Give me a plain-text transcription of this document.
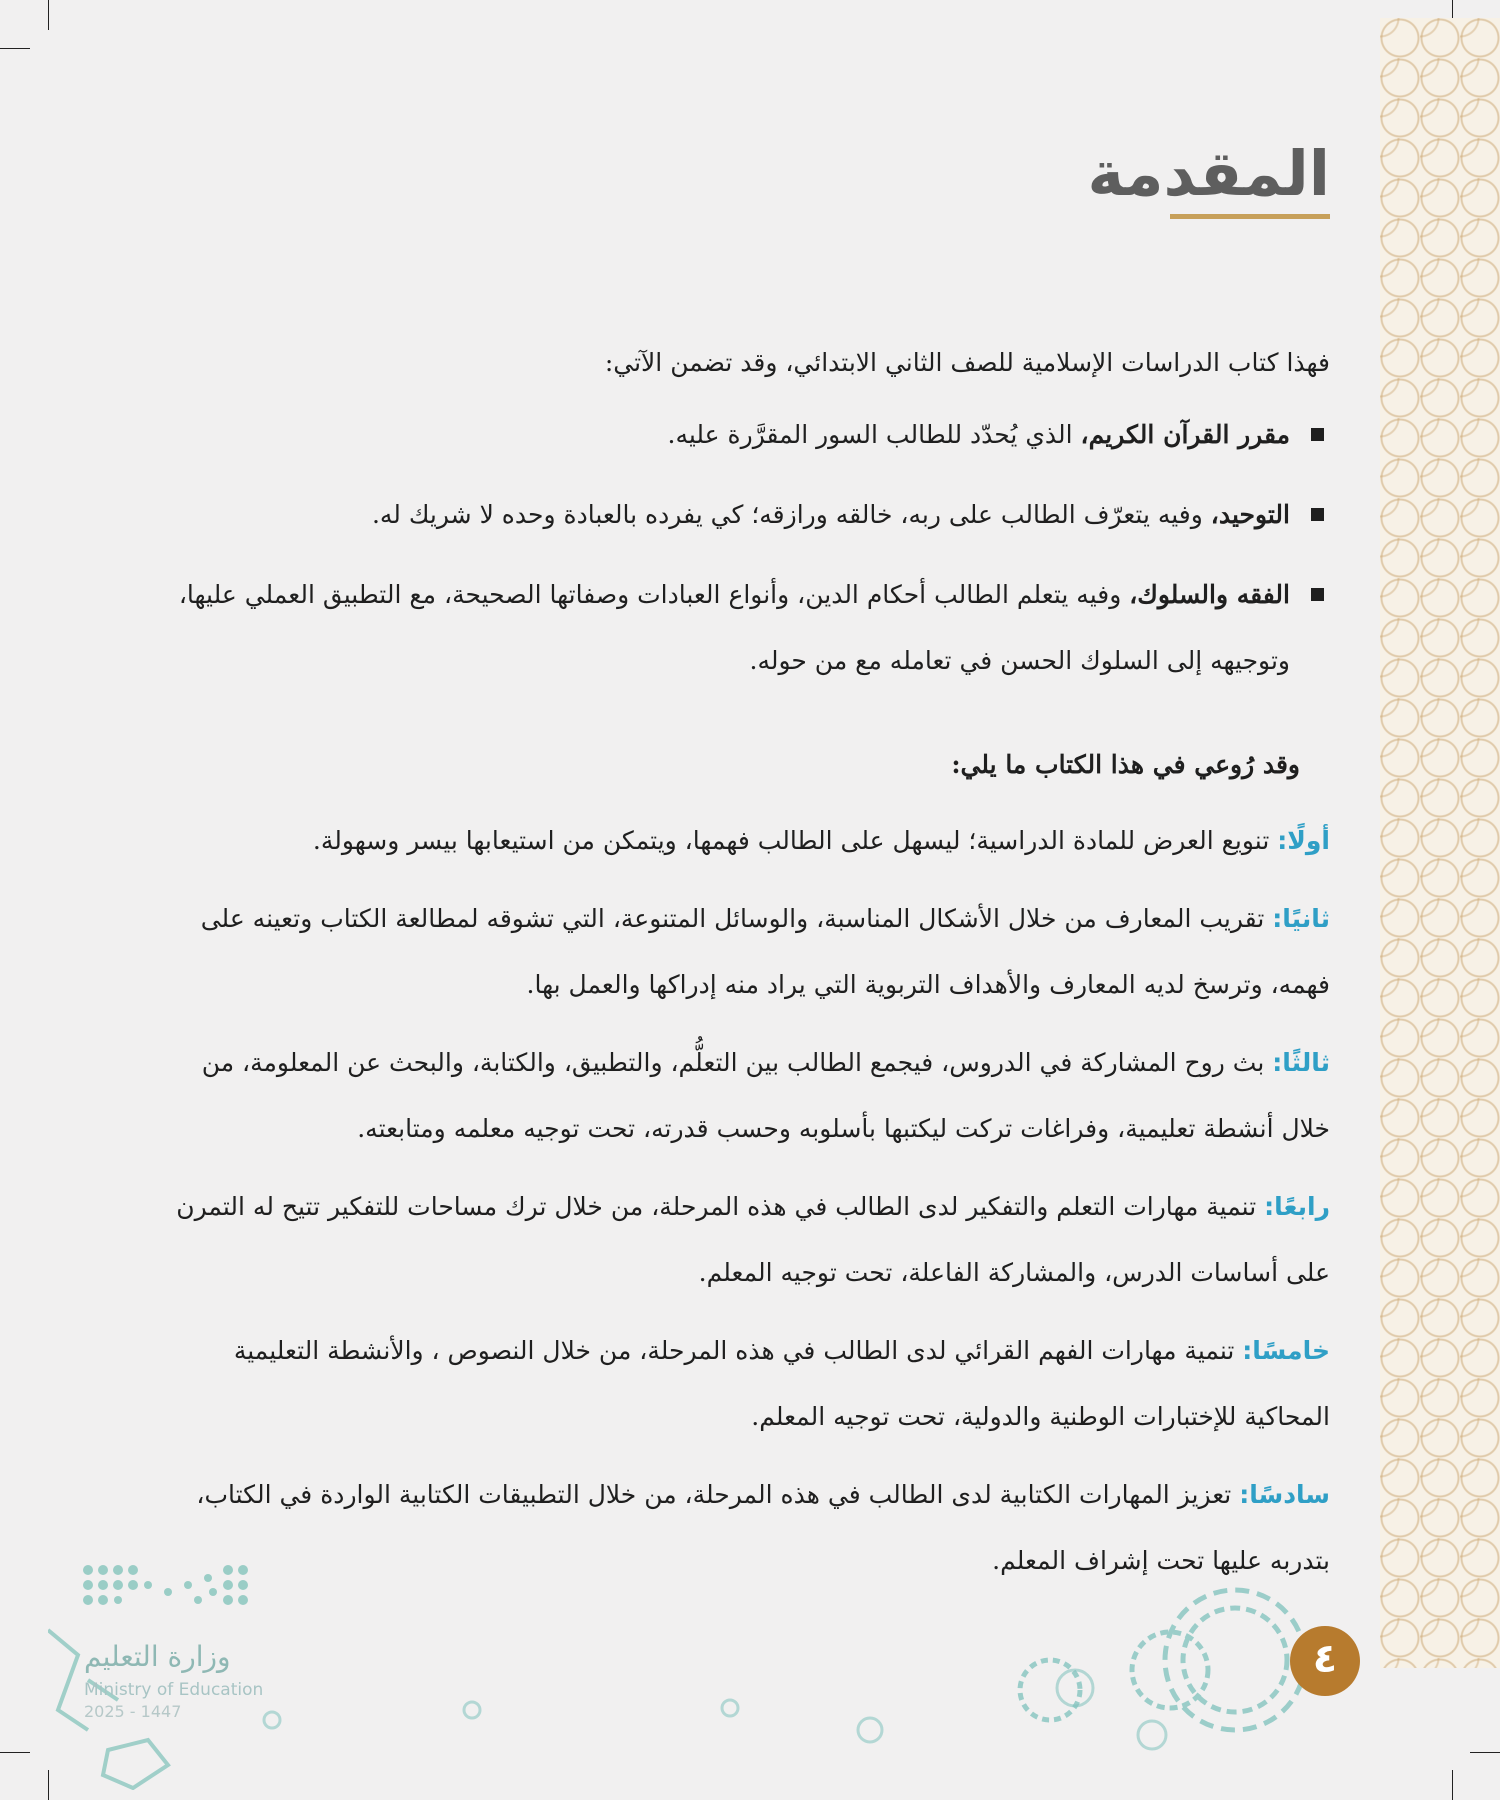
المقدمة

فهذا كتاب الدراسات الإسلامية للصف الثاني الابتدائي، وقد تضمن الآتي:

مقرر القرآن الكريم، الذي يُحدّد للطالب السور المقرَّرة عليه.
التوحيد، وفيه يتعرّف الطالب على ربه، خالقه ورازقه؛ كي يفرده بالعبادة وحده لا شريك له.
الفقه والسلوك، وفيه يتعلم الطالب أحكام الدين، وأنواع العبادات وصفاتها الصحيحة، مع التطبيق العملي عليها، وتوجيهه إلى السلوك الحسن في تعامله مع من حوله.

وقد رُوعي في هذا الكتاب ما يلي:

أولًا: تنويع العرض للمادة الدراسية؛ ليسهل على الطالب فهمها، ويتمكن من استيعابها بيسر وسهولة.

ثانيًا: تقريب المعارف من خلال الأشكال المناسبة، والوسائل المتنوعة، التي تشوقه لمطالعة الكتاب وتعينه على فهمه، وترسخ لديه المعارف والأهداف التربوية التي يراد منه إدراكها والعمل بها.

ثالثًا: بث روح المشاركة في الدروس، فيجمع الطالب بين التعلُّم، والتطبيق، والكتابة، والبحث عن المعلومة، من خلال أنشطة تعليمية، وفراغات تركت ليكتبها بأسلوبه وحسب قدرته، تحت توجيه معلمه ومتابعته.

رابعًا: تنمية مهارات التعلم والتفكير لدى الطالب في هذه المرحلة، من خلال ترك مساحات للتفكير تتيح له التمرن على أساسات الدرس، والمشاركة الفاعلة، تحت توجيه المعلم.

خامسًا: تنمية مهارات الفهم القرائي لدى الطالب في هذه المرحلة، من خلال النصوص ، والأنشطة التعليمية المحاكية للإختبارات الوطنية والدولية، تحت توجيه المعلم.

سادسًا: تعزيز المهارات الكتابية لدى الطالب في هذه المرحلة، من خلال التطبيقات الكتابية الواردة في الكتاب، بتدربه عليها تحت إشراف المعلم.

وزارة التعليم
Ministry of Education
2025 - 1447
٤
